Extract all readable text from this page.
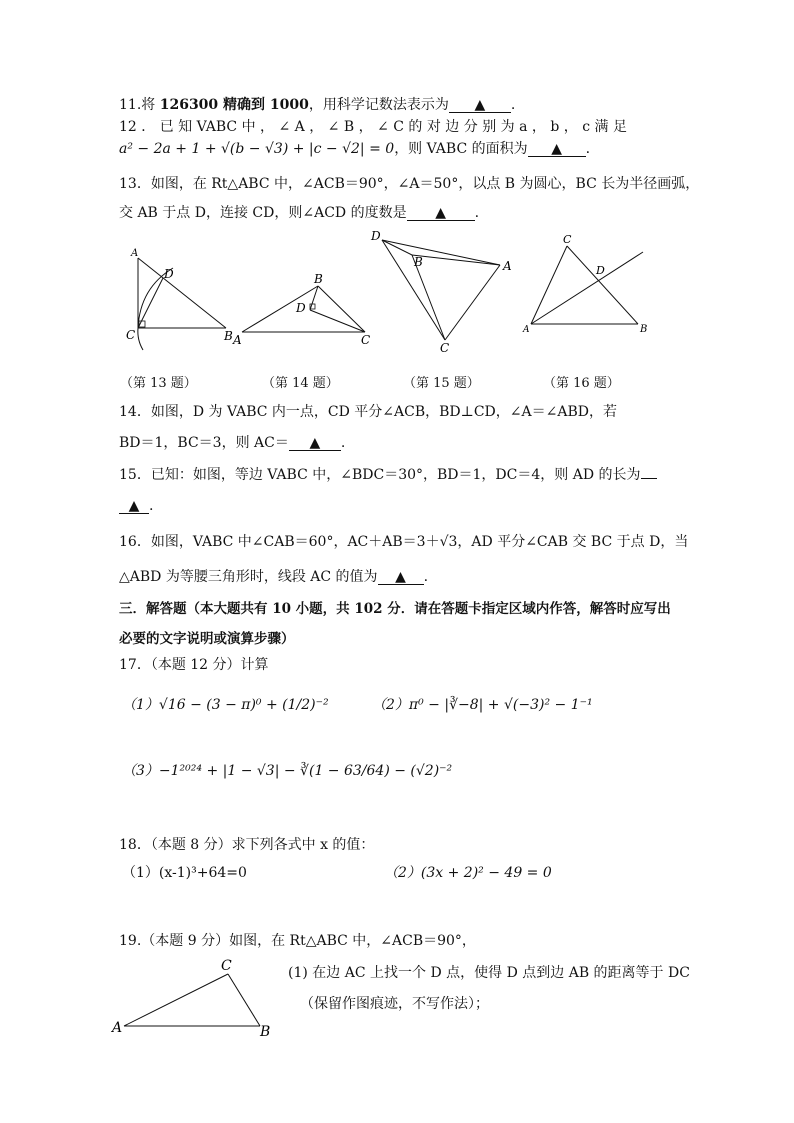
11.将 126300 精确到 1000，用科学记数法表示为 ▲ .
12 ． 已 知 VABC 中 ， ∠ A ， ∠ B ， ∠ C 的 对 边 分 别 为 a ， b ， c 满 足
a² − 2a + 1 + √(b − √3) + |c − √2| = 0，则 VABC 的面积为 ▲ .
13．如图，在 Rt△ABC 中，∠ACB＝90°，∠A＝50°，以点 B 为圆心，BC 长为半径画弧，
交 AB 于点 D，连接 CD，则∠ACD 的度数是 ▲ .
A
D
C	B
B
D
A	C
D
B	A
C
C
D
A	B
（第 13 题）	（第 14 题）	（第 15 题）	（第 16 题）
14．如图，D 为 VABC 内一点，CD 平分∠ACB，BD⊥CD，∠A＝∠ABD，若
BD＝1，BC＝3，则 AC＝ ▲ .
15．已知：如图，等边 VABC 中，∠BDC＝30°，BD＝1，DC＝4，则 AD 的长为
▲ .
16．如图，VABC 中∠CAB＝60°，AC＋AB＝3＋√3，AD 平分∠CAB 交 BC 于点 D，当
△ABD 为等腰三角形时，线段 AC 的值为 ▲ .
三．解答题（本大题共有 10 小题，共 102 分．请在答题卡指定区域内作答，解答时应写出
必要的文字说明或演算步骤）
17．（本题 12 分）计算
（1）√16 − (3 − π)⁰ + (1/2)⁻²	（2）π⁰ − |∛−8| + √(−3)² − 1⁻¹
（3）−1²⁰²⁴ + |1 − √3| − ∛(1 − 63/64) − (√2)⁻²
18．（本题 8 分）求下列各式中 x 的值：
（1）(x-1)³+64=0	（2）(3x + 2)² − 49 = 0
19.（本题 9 分）如图，在 Rt△ABC 中，∠ACB＝90°，
(1) 在边 AC 上找一个 D 点，使得 D 点到边 AB 的距离等于 DC
（保留作图痕迹，不写作法）；
C
A	B
